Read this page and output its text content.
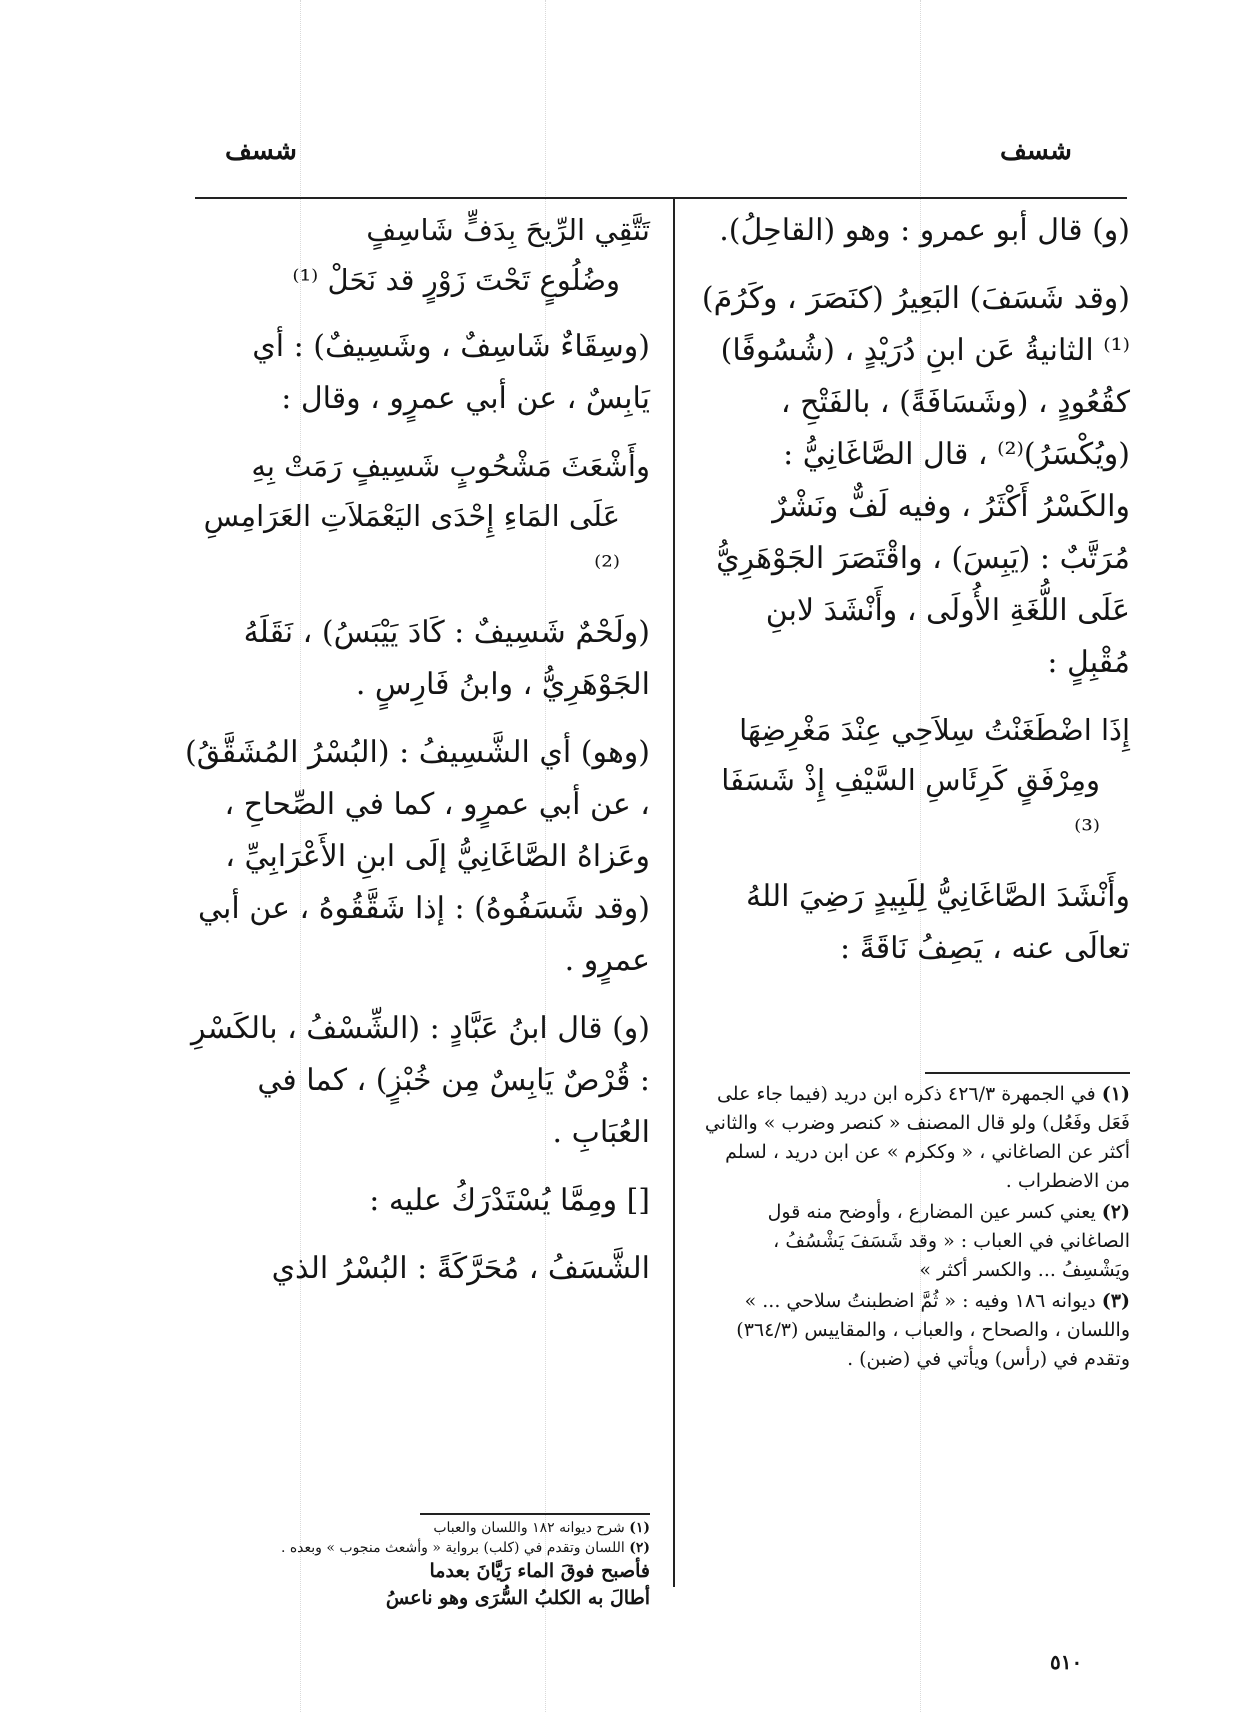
شسف
شسف

(و) قال أبو عمرو : وهو (القاحِلُ).

(وقد شَسَفَ) البَعِيرُ (كنَصَرَ ، وكَرُمَ)⁽¹⁾ الثانيةُ عَن ابنِ دُرَيْدٍ ، (شُسُوفًا) كقُعُودٍ ، (وشَسَافَةً) ، بالفَتْحِ ، (ويُكْسَرُ)⁽²⁾ ، قال الصَّاغَانِيُّ : والكَسْرُ أَكْثَرُ ، وفيه لَفٌّ ونَشْرٌ مُرَتَّبٌ : (يَبِسَ) ، واقْتَصَرَ الجَوْهَرِيُّ عَلَى اللُّغَةِ الأُولَى ، وأَنْشَدَ لابنِ مُقْبِلٍ :

إِذَا اضْطَغَنْتُ سِلاَحِي عِنْدَ مَغْرِضِهَا
ومِرْفَقٍ كَرِئَاسِ السَّيْفِ إِذْ شَسَفَا ⁽³⁾

وأَنْشَدَ الصَّاغَانِيُّ لِلَبِيدٍ رَضِيَ اللهُ تعالَى عنه ، يَصِفُ نَاقَةً :

(١) في الجمهرة ٤٢٦/٣ ذكره ابن دريد (فيما جاء على فَعَل وفَعُل) ولو قال المصنف « كنصر وضرب » والثاني أكثر عن الصاغاني ، « وككرم » عن ابن دريد ، لسلم من الاضطراب .

(٢) يعني كسر عين المضارع ، وأوضح منه قول الصاغاني في العباب : « وقد شَسَفَ يَشْسُفُ ، ويَشْسِفُ ... والكسر أكثر »

(٣) ديوانه ١٨٦ وفيه : « ثُمَّ اضطبنتُ سلاحي ... » واللسان ، والصحاح ، والعباب ، والمقاييس (٣٦٤/٣) وتقدم في (رأس) ويأتي في (ضبن) .

تَتَّقِي الرِّيحَ بِدَفٍّ شَاسِفٍ
وضُلُوعٍ تَحْتَ زَوْرٍ قد نَحَلْ ⁽¹⁾

(وسِقَاءٌ شَاسِفٌ ، وشَسِيفٌ) : أي يَابِسٌ ، عن أبي عمرٍو ، وقال :

وأَشْعَثَ مَشْحُوبٍ شَسِيفٍ رَمَتْ بِهِ
عَلَى المَاءِ إِحْدَى اليَعْمَلاَتِ العَرَامِسِ ⁽²⁾

(ولَحْمٌ شَسِيفٌ : كَادَ يَيْبَسُ) ، نَقَلَهُ الجَوْهَرِيُّ ، وابنُ فَارِسٍ .

(وهو) أي الشَّسِيفُ : (البُسْرُ المُشَقَّقُ) ، عن أبي عمرٍو ، كما في الصِّحاحِ ، وعَزاهُ الصَّاغَانِيُّ إلَى ابنِ الأَعْرَابِيِّ ، (وقد شَسَفُوهُ) : إذا شَقَّقُوهُ ، عن أبي عمرٍو .

(و) قال ابنُ عَبَّادٍ : (الشِّسْفُ ، بالكَسْرِ : قُرْصٌ يَابِسٌ مِن خُبْزٍ) ، كما في العُبَابِ .

[] ومِمَّا يُسْتَدْرَكُ عليه :

الشَّسَفُ ، مُحَرَّكَةً : البُسْرُ الذي

(١) شرح ديوانه ١٨٢ واللسان والعباب

(٢) اللسان وتقدم في (كلب) برواية « وأشعث منجوب » وبعده .

فأصبح فوقَ الماء رَيَّانَ بعدما

أطالَ به الكلبُ السُّرَى وهو ناعسُ

٥١٠
